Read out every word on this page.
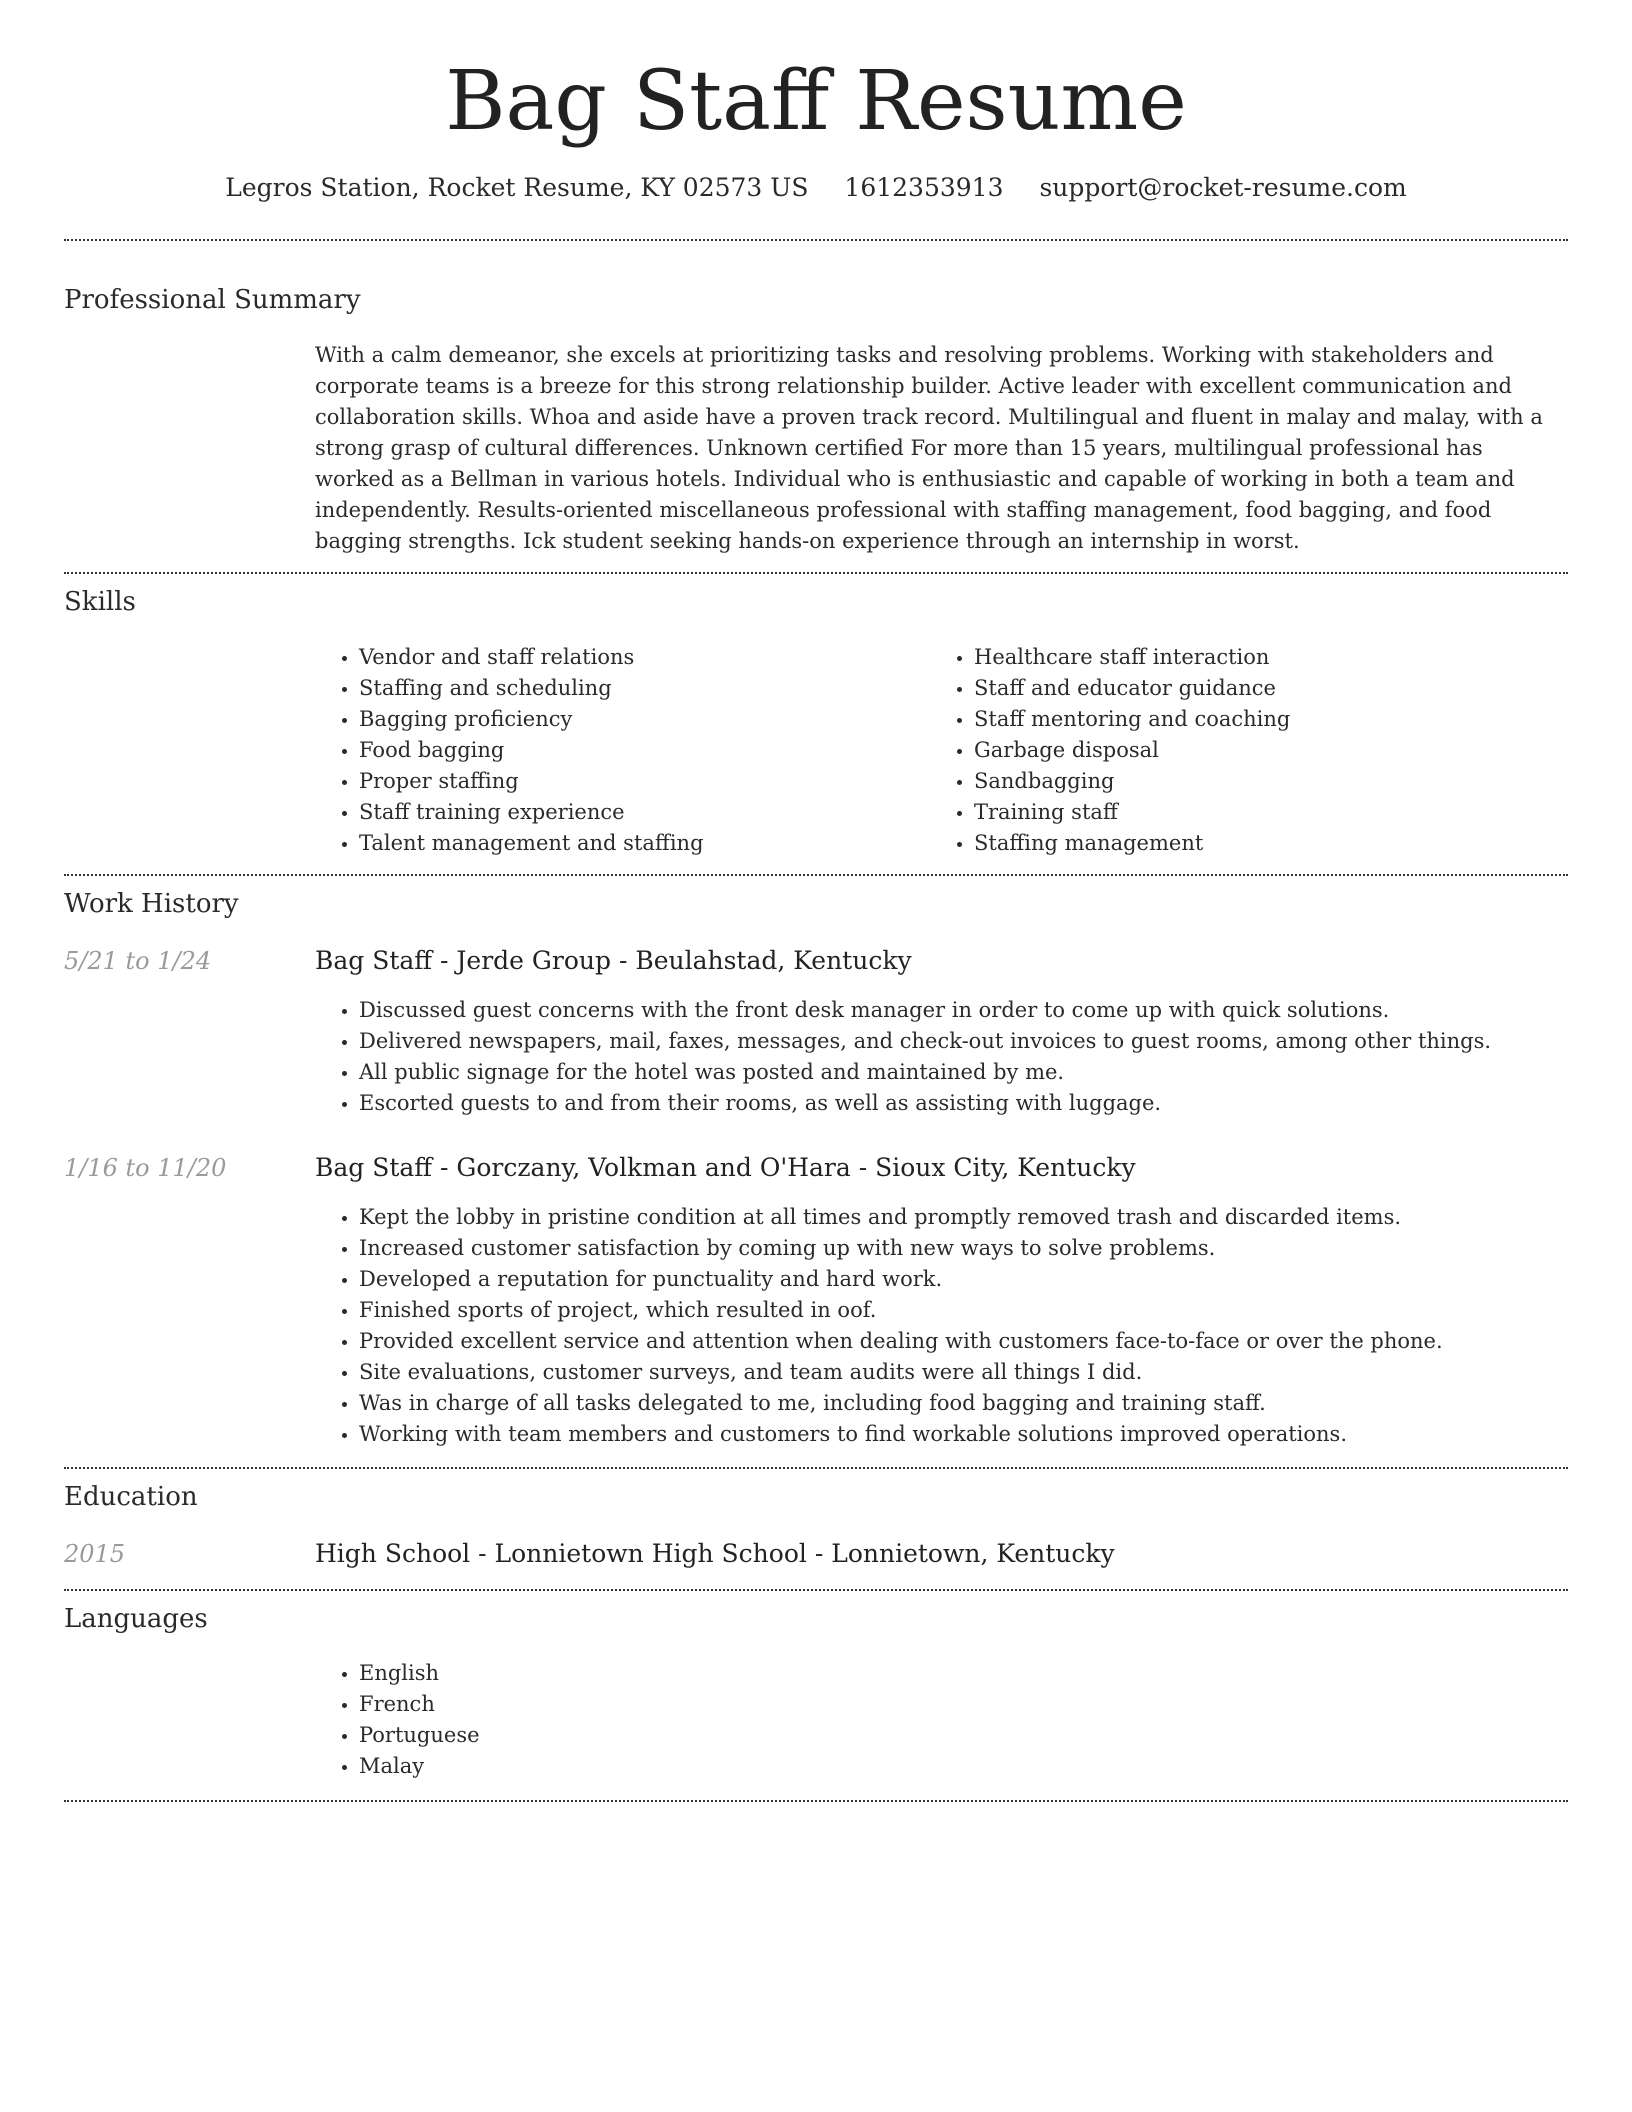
Bag Staff Resume
Legros Station, Rocket Resume, KY 02573 US 1612353913 support@rocket-resume.com
Professional Summary
With a calm demeanor, she excels at prioritizing tasks and resolving problems. Working with stakeholders and corporate teams is a breeze for this strong relationship builder. Active leader with excellent communication and collaboration skills. Whoa and aside have a proven track record. Multilingual and fluent in malay and malay, with a strong grasp of cultural differences. Unknown certified For more than 15 years, multilingual professional has worked as a Bellman in various hotels. Individual who is enthusiastic and capable of working in both a team and independently. Results-oriented miscellaneous professional with staffing management, food bagging, and food bagging strengths. Ick student seeking hands-on experience through an internship in worst.
Skills
• Vendor and staff relations
• Staffing and scheduling
• Bagging proficiency
• Food bagging
• Proper staffing
• Staff training experience
• Talent management and staffing
• Healthcare staff interaction
• Staff and educator guidance
• Staff mentoring and coaching
• Garbage disposal
• Sandbagging
• Training staff
• Staffing management
Work History
5/21 to 1/24	Bag Staff - Jerde Group - Beulahstad, Kentucky
• Discussed guest concerns with the front desk manager in order to come up with quick solutions.
• Delivered newspapers, mail, faxes, messages, and check-out invoices to guest rooms, among other things.
• All public signage for the hotel was posted and maintained by me.
• Escorted guests to and from their rooms, as well as assisting with luggage.
1/16 to 11/20	Bag Staff - Gorczany, Volkman and O'Hara - Sioux City, Kentucky
• Kept the lobby in pristine condition at all times and promptly removed trash and discarded items.
• Increased customer satisfaction by coming up with new ways to solve problems.
• Developed a reputation for punctuality and hard work.
• Finished sports of project, which resulted in oof.
• Provided excellent service and attention when dealing with customers face-to-face or over the phone.
• Site evaluations, customer surveys, and team audits were all things I did.
• Was in charge of all tasks delegated to me, including food bagging and training staff.
• Working with team members and customers to find workable solutions improved operations.
Education
2015	High School - Lonnietown High School - Lonnietown, Kentucky
Languages
• English
• French
• Portuguese
• Malay
